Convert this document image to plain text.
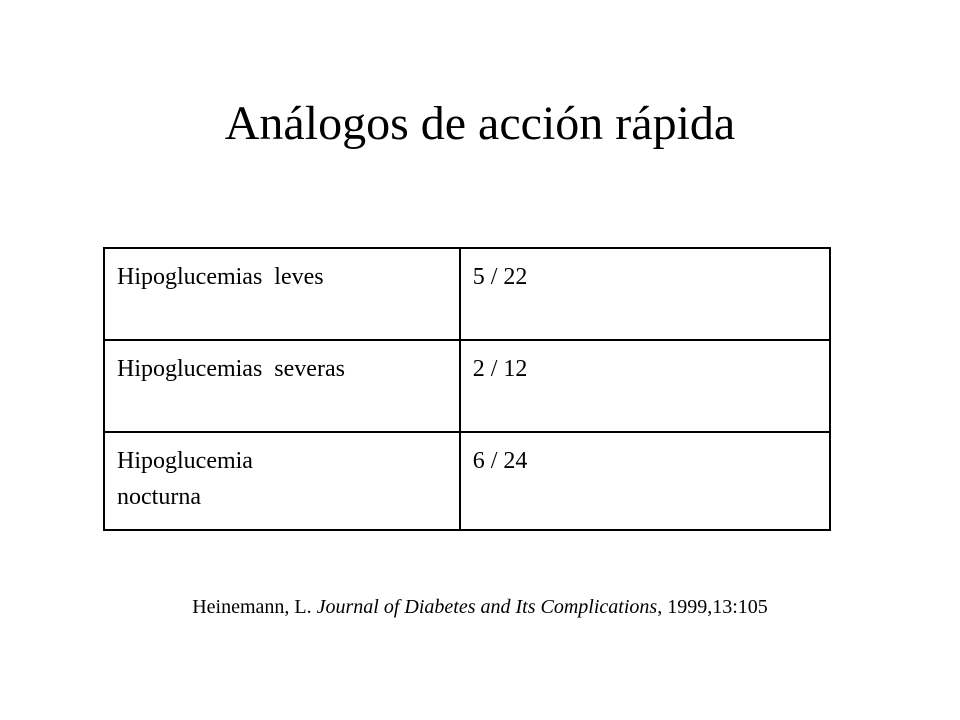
Análogos de acción rápida
Hipoglucemias  leves	5 / 22
Hipoglucemias  severas	2 / 12
Hipoglucemia nocturna	6 / 24
Heinemann, L. Journal of Diabetes and Its Complications, 1999,13:105
